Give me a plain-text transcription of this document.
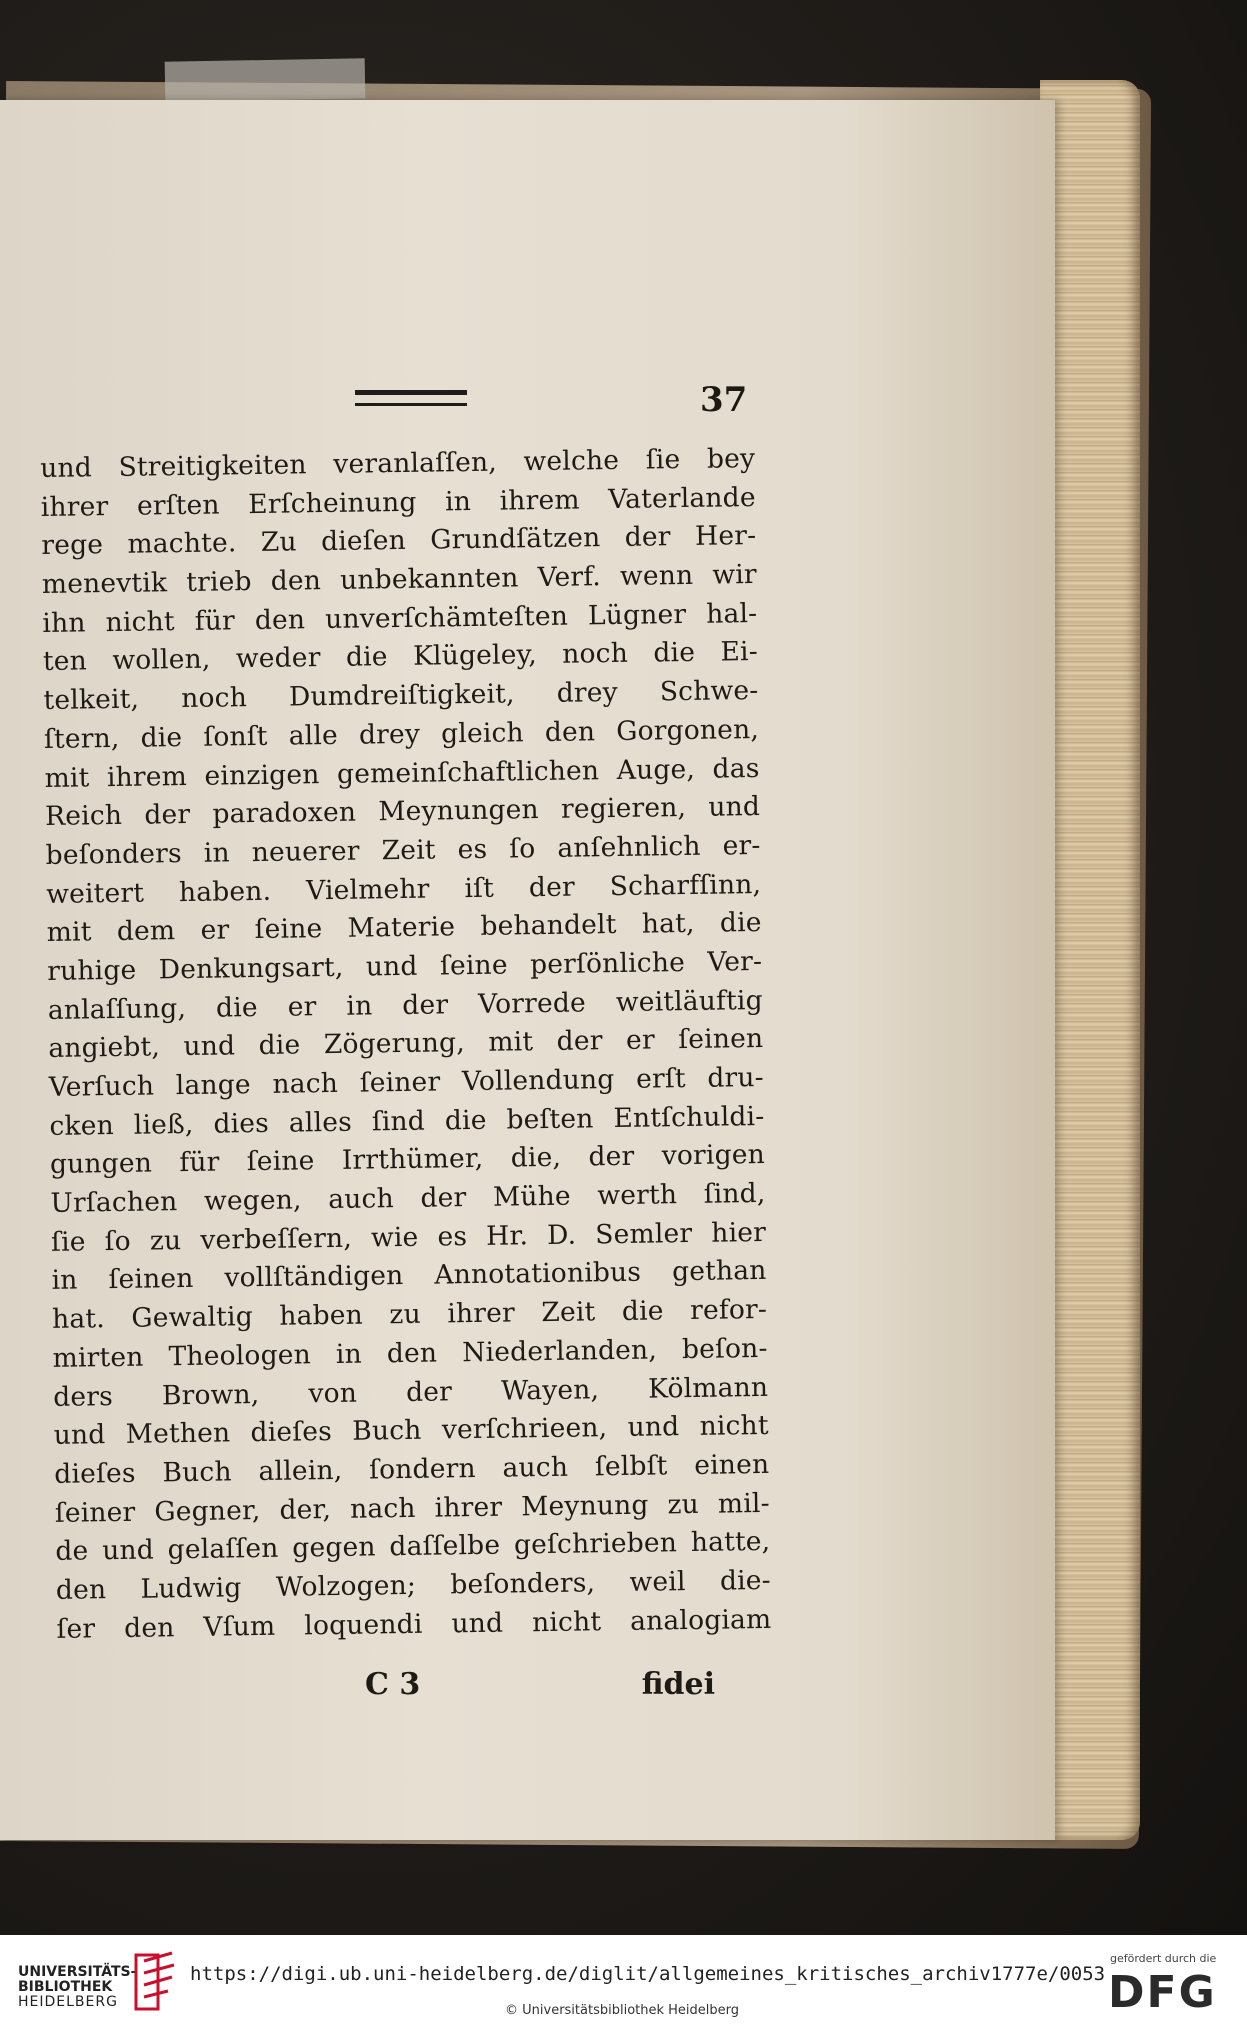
37
und Streitigkeiten veranlaſſen, welche ſie bey
ihrer erſten Erſcheinung in ihrem Vaterlande
rege machte. Zu dieſen Grundſätzen der Her-
menevtik trieb den unbekannten Verf. wenn wir
ihn nicht für den unverſchämteſten Lügner hal-
ten wollen, weder die Klügeley, noch die Ei-
telkeit, noch Dumdreiſtigkeit, drey Schwe-
ſtern, die ſonſt alle drey gleich den Gorgonen,
mit ihrem einzigen gemeinſchaftlichen Auge, das
Reich der paradoxen Meynungen regieren, und
beſonders in neuerer Zeit es ſo anſehnlich er-
weitert haben. Vielmehr iſt der Scharfſinn,
mit dem er ſeine Materie behandelt hat, die
ruhige Denkungsart, und ſeine perſönliche Ver-
anlaſſung, die er in der Vorrede weitläuftig
angiebt, und die Zögerung, mit der er ſeinen
Verſuch lange nach ſeiner Vollendung erſt dru-
cken ließ, dies alles ſind die beſten Entſchuldi-
gungen für ſeine Irrthümer, die, der vorigen
Urſachen wegen, auch der Mühe werth ſind,
ſie ſo zu verbeſſern, wie es Hr. D. Semler hier
in ſeinen vollſtändigen Annotationibus gethan
hat. Gewaltig haben zu ihrer Zeit die refor-
mirten Theologen in den Niederlanden, beſon-
ders Brown, von der Wayen, Kölmann
und Methen dieſes Buch verſchrieen, und nicht
dieſes Buch allein, ſondern auch ſelbſt einen
ſeiner Gegner, der, nach ihrer Meynung zu mil-
de und gelaſſen gegen daſſelbe geſchrieben hatte,
den Ludwig Wolzogen; beſonders, weil die-
ſer den Vſum loquendi und nicht analogiam
C 3	fidei
UNIVERSITÄTS-
BIBLIOTHEK
HEIDELBERG
https://digi.ub.uni-heidelberg.de/diglit/allgemeines_kritisches_archiv1777e/0053
© Universitätsbibliothek Heidelberg
gefördert durch die
DFG
